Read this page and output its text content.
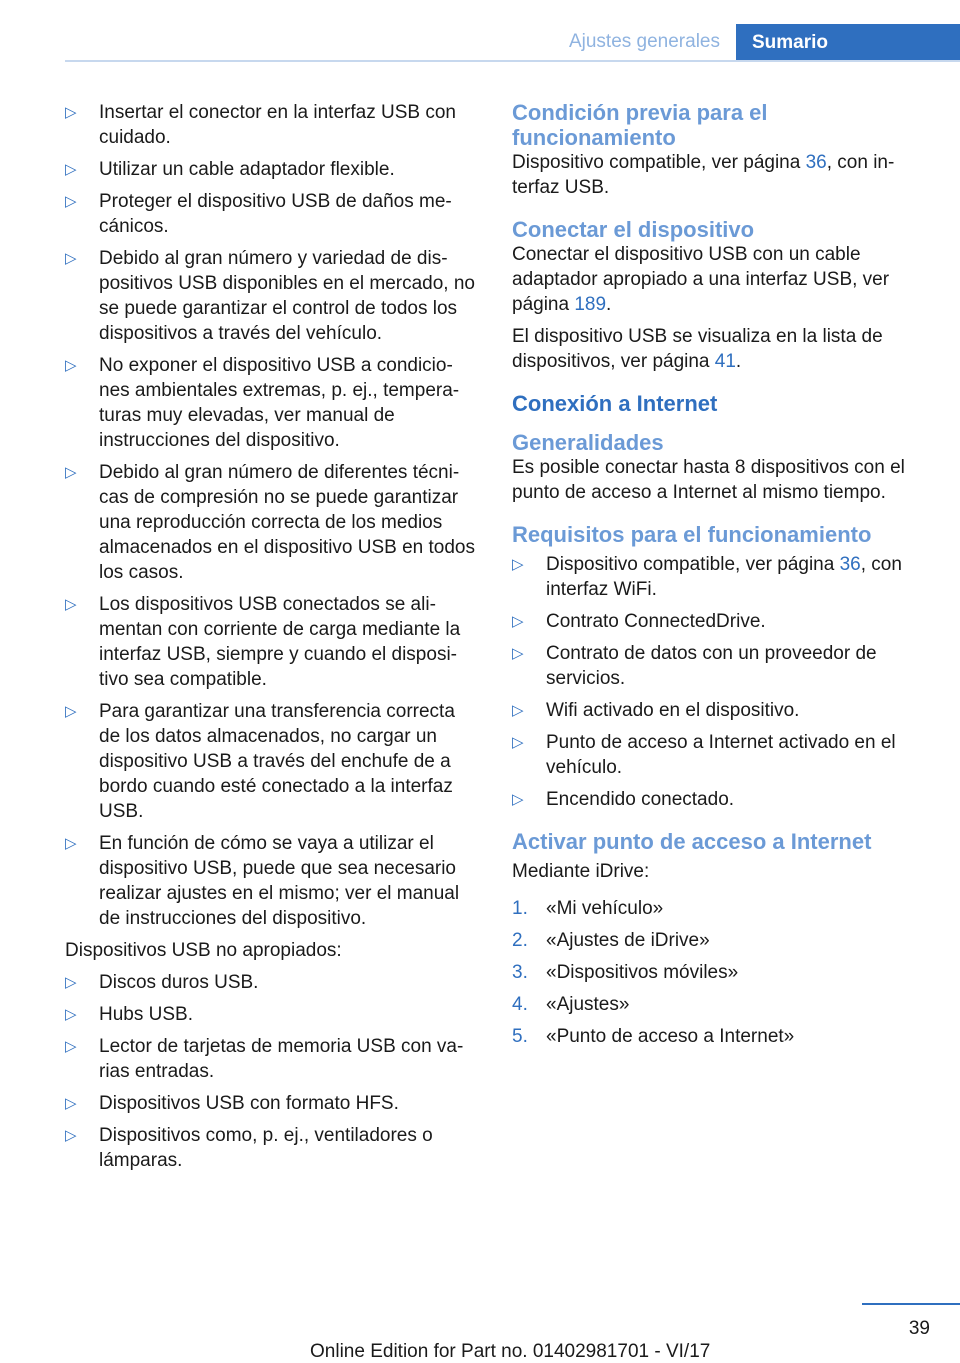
Ajustes generales	Sumario
▷ Insertar el conector en la interfaz USB con cuidado.
▷ Utilizar un cable adaptador flexible.
▷ Proteger el dispositivo USB de daños mecánicos.
▷ Debido al gran número y variedad de dispositivos USB disponibles en el mercado, no se puede garantizar el control de todos los dispositivos a través del vehículo.
▷ No exponer el dispositivo USB a condiciones ambientales extremas, p. ej., temperaturas muy elevadas, ver manual de instrucciones del dispositivo.
▷ Debido al gran número de diferentes técnicas de compresión no se puede garantizar una reproducción correcta de los medios almacenados en el dispositivo USB en todos los casos.
▷ Los dispositivos USB conectados se alimentan con corriente de carga mediante la interfaz USB, siempre y cuando el dispositivo sea compatible.
▷ Para garantizar una transferencia correcta de los datos almacenados, no cargar un dispositivo USB a través del enchufe de a bordo cuando esté conectado a la interfaz USB.
▷ En función de cómo se vaya a utilizar el dispositivo USB, puede que sea necesario realizar ajustes en el mismo; ver el manual de instrucciones del dispositivo.

Dispositivos USB no apropiados:

▷ Discos duros USB.
▷ Hubs USB.
▷ Lector de tarjetas de memoria USB con varias entradas.
▷ Dispositivos USB con formato HFS.
▷ Dispositivos como, p. ej., ventiladores o lámparas.
Condición previa para el funcionamiento

Dispositivo compatible, ver página 36, con interfaz USB.

Conectar el dispositivo

Conectar el dispositivo USB con un cable adaptador apropiado a una interfaz USB, ver página 189.

El dispositivo USB se visualiza en la lista de dispositivos, ver página 41.

Conexión a Internet
Generalidades

Es posible conectar hasta 8 dispositivos con el punto de acceso a Internet al mismo tiempo.

Requisitos para el funcionamiento
▷ Dispositivo compatible, ver página 36, con interfaz WiFi.
▷ Contrato ConnectedDrive.
▷ Contrato de datos con un proveedor de servicios.
▷ Wifi activado en el dispositivo.
▷ Punto de acceso a Internet activado en el vehículo.
▷ Encendido conectado.
Activar punto de acceso a Internet

Mediante iDrive:

1. «Mi vehículo»
2. «Ajustes de iDrive»
3. «Dispositivos móviles»
4. «Ajustes»
5. «Punto de acceso a Internet»
39
Online Edition for Part no. 01402981701 - VI/17
